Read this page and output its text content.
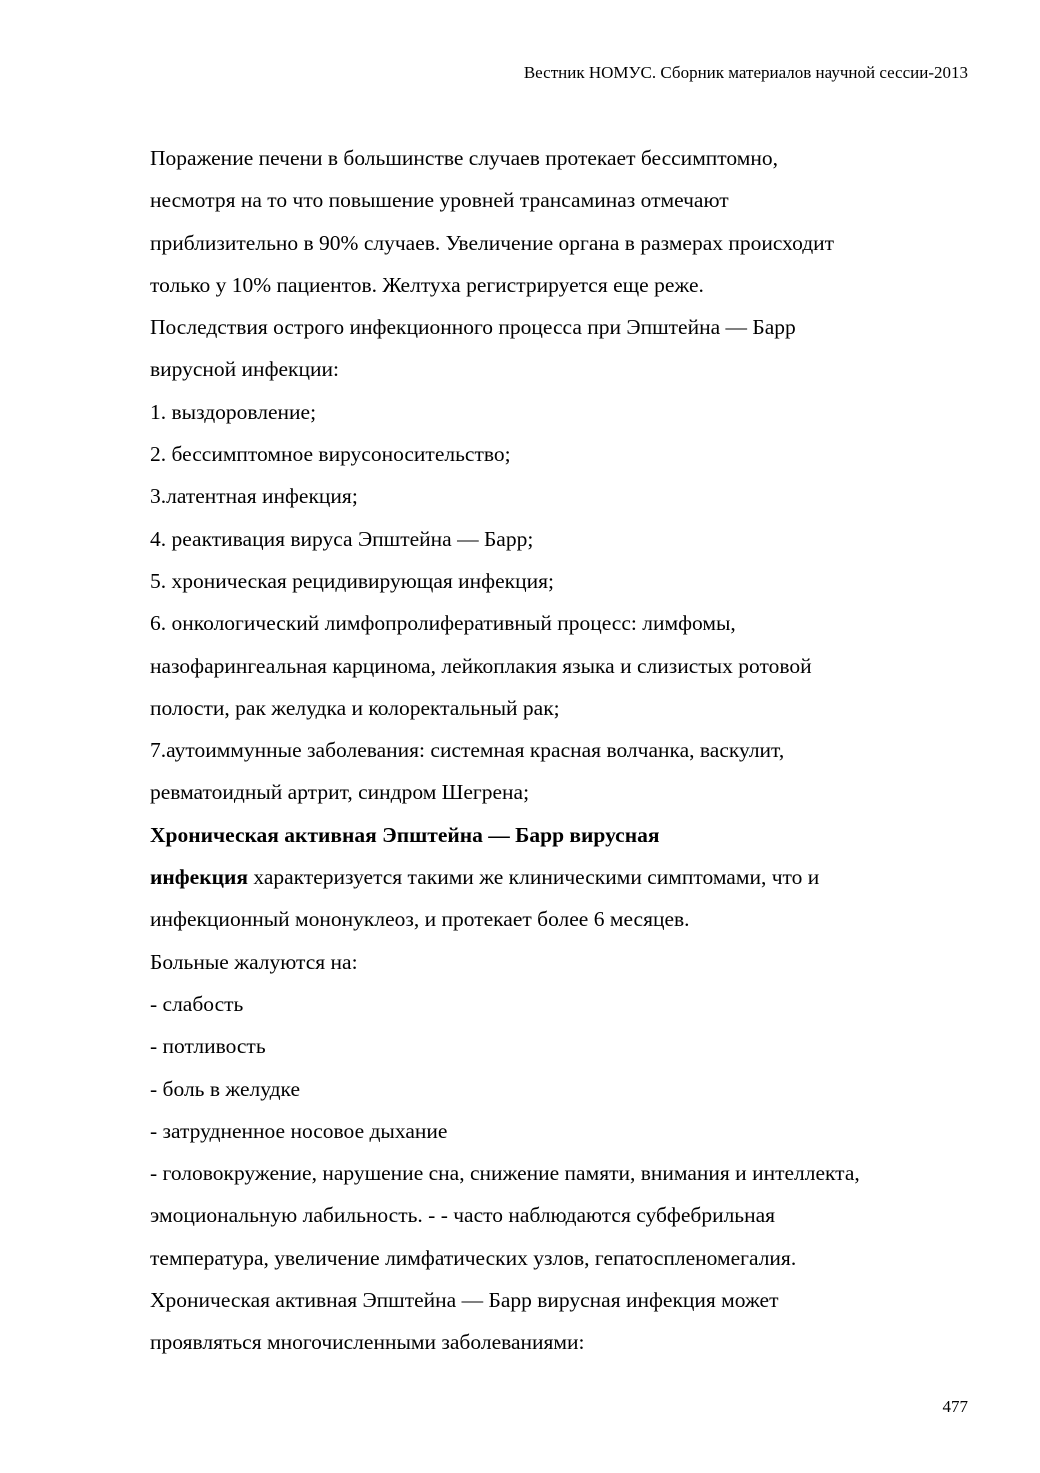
Вестник НОМУС. Сборник материалов научной сессии-2013
Поражение печени в большинстве случаев протекает бессимптомно,
несмотря на то что повышение уровней трансаминаз отмечают
приблизительно в 90% случаев. Увеличение органа в размерах происходит
только у 10% пациентов. Желтуха регистрируется еще реже.
Последствия острого инфекционного процесса при Эпштейна — Барр
вирусной инфекции:
1. выздоровление;
2. бессимптомное вирусоносительство;
3.латентная инфекция;
4. реактивация вируса Эпштейна — Барр;
5. хроническая рецидивирующая инфекция;
6. онкологический лимфопролиферативный процесс: лимфомы,
назофарингеальная карцинома, лейкоплакия языка и слизистых ротовой
полости, рак желудка и колоректальный рак;
7.аутоиммунные заболевания: системная красная волчанка, васкулит,
ревматоидный артрит, синдром Шегрена;
Хроническая активная Эпштейна — Барр вирусная
инфекция характеризуется такими же клиническими симптомами, что и
инфекционный мононуклеоз, и протекает более 6 месяцев.
Больные жалуются на:
- слабость
- потливость
- боль в желудке
- затрудненное носовое дыхание
- головокружение, нарушение сна, снижение памяти, внимания и интеллекта,
эмоциональную лабильность. - - часто наблюдаются субфебрильная
температура, увеличение лимфатических узлов, гепатоспленомегалия.
Хроническая активная Эпштейна — Барр вирусная инфекция может
проявляться многочисленными заболеваниями:
477
